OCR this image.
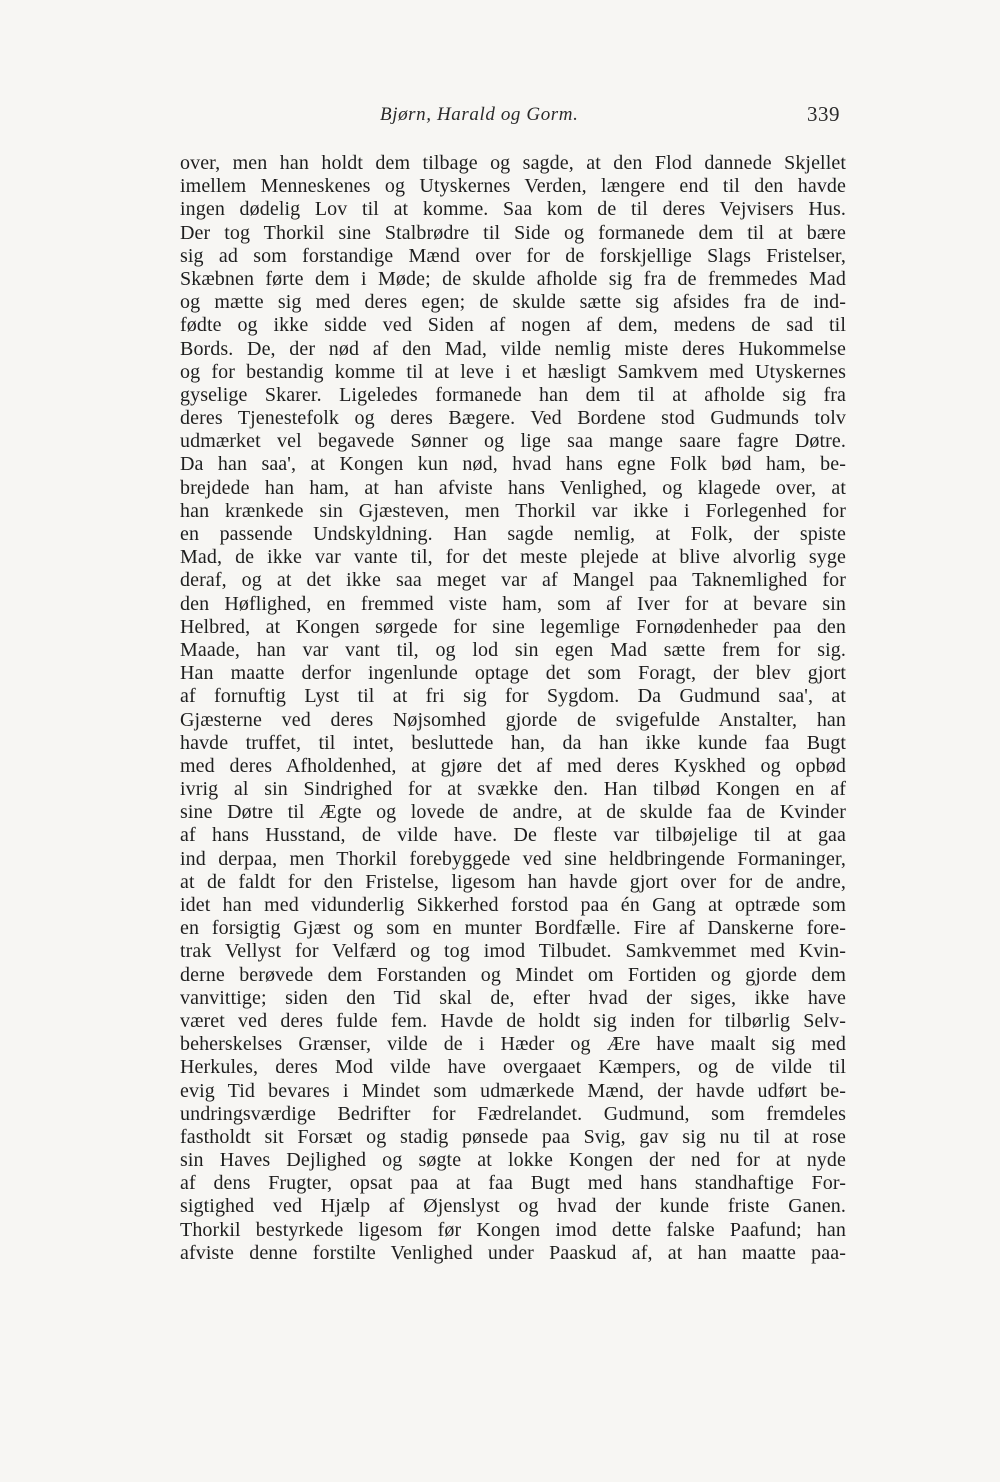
Bjørn, Harald og Gorm.	339
over, men han holdt dem tilbage og sagde, at den Flod dannede Skjellet
imellem Menneskenes og Utyskernes Verden, længere end til den havde
ingen dødelig Lov til at komme. Saa kom de til deres Vejvisers Hus.
Der tog Thorkil sine Stalbrødre til Side og formanede dem til at bære
sig ad som forstandige Mænd over for de forskjellige Slags Fristelser,
Skæbnen førte dem i Møde; de skulde afholde sig fra de fremmedes Mad
og mætte sig med deres egen; de skulde sætte sig afsides fra de ind-
fødte og ikke sidde ved Siden af nogen af dem, medens de sad til
Bords. De, der nød af den Mad, vilde nemlig miste deres Hukommelse
og for bestandig komme til at leve i et hæsligt Samkvem med Utyskernes
gyselige Skarer. Ligeledes formanede han dem til at afholde sig fra
deres Tjenestefolk og deres Bægere. Ved Bordene stod Gudmunds tolv
udmærket vel begavede Sønner og lige saa mange saare fagre Døtre.
Da han saa', at Kongen kun nød, hvad hans egne Folk bød ham, be-
brejdede han ham, at han afviste hans Venlighed, og klagede over, at
han krænkede sin Gjæsteven, men Thorkil var ikke i Forlegenhed for
en passende Undskyldning. Han sagde nemlig, at Folk, der spiste
Mad, de ikke var vante til, for det meste plejede at blive alvorlig syge
deraf, og at det ikke saa meget var af Mangel paa Taknemlighed for
den Høflighed, en fremmed viste ham, som af Iver for at bevare sin
Helbred, at Kongen sørgede for sine legemlige Fornødenheder paa den
Maade, han var vant til, og lod sin egen Mad sætte frem for sig.
Han maatte derfor ingenlunde optage det som Foragt, der blev gjort
af fornuftig Lyst til at fri sig for Sygdom. Da Gudmund saa', at
Gjæsterne ved deres Nøjsomhed gjorde de svigefulde Anstalter, han
havde truffet, til intet, besluttede han, da han ikke kunde faa Bugt
med deres Afholdenhed, at gjøre det af med deres Kyskhed og opbød
ivrig al sin Sindrighed for at svække den. Han tilbød Kongen en af
sine Døtre til Ægte og lovede de andre, at de skulde faa de Kvinder
af hans Husstand, de vilde have. De fleste var tilbøjelige til at gaa
ind derpaa, men Thorkil forebyggede ved sine heldbringende Formaninger,
at de faldt for den Fristelse, ligesom han havde gjort over for de andre,
idet han med vidunderlig Sikkerhed forstod paa én Gang at optræde som
en forsigtig Gjæst og som en munter Bordfælle. Fire af Danskerne fore-
trak Vellyst for Velfærd og tog imod Tilbudet. Samkvemmet med Kvin-
derne berøvede dem Forstanden og Mindet om Fortiden og gjorde dem
vanvittige; siden den Tid skal de, efter hvad der siges, ikke have
været ved deres fulde fem. Havde de holdt sig inden for tilbørlig Selv-
beherskelses Grænser, vilde de i Hæder og Ære have maalt sig med
Herkules, deres Mod vilde have overgaaet Kæmpers, og de vilde til
evig Tid bevares i Mindet som udmærkede Mænd, der havde udført be-
undringsværdige Bedrifter for Fædrelandet. Gudmund, som fremdeles
fastholdt sit Forsæt og stadig pønsede paa Svig, gav sig nu til at rose
sin Haves Dejlighed og søgte at lokke Kongen der ned for at nyde
af dens Frugter, opsat paa at faa Bugt med hans standhaftige For-
sigtighed ved Hjælp af Øjenslyst og hvad der kunde friste Ganen.
Thorkil bestyrkede ligesom før Kongen imod dette falske Paafund; han
afviste denne forstilte Venlighed under Paaskud af, at han maatte paa-
